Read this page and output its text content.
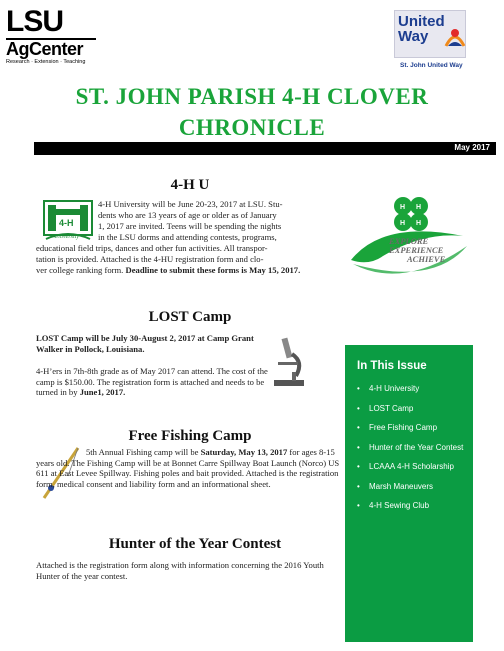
LSU
AgCenter
Research · Extension · Teaching
United
Way
St. John United Way
ST. JOHN PARISH 4-H CLOVER
CHRONICLE
May 2017
4-H U
4-H
University
4-H University will be June 20-23, 2017 at LSU. Stu-
dents who are 13 years of age or older as of January
1, 2017 are invited. Teens will be spending the nights
in the LSU dorms and attending contests, programs,
educational field trips, dances and other fun activities. All transpor-
tation is provided. Attached is the 4-HU registration form and clo-
ver college ranking form. Deadline to submit these forms is May 15, 2017.
H H
H H
EXPLORE
EXPERIENCE
ACHIEVE
LOST Camp
LOST Camp will be July 30-August 2, 2017 at Camp Grant Walker in Pollock, Louisiana.
4-H’ers in 7th-8th grade as of May 2017 can attend. The cost of the camp is $150.00. The registration form is attached and needs to be turned in by June1, 2017.
Free Fishing Camp
5th Annual Fishing camp will be Saturday, May 13, 2017 for ages 8-15 years old. The Fishing Camp will be at Bonnet Carre Spillway Boat Launch (Norco) US 611 at East Levee Spillway. Fishing poles and bait provided. Attached is the registration form, medical consent and liability form and an informational sheet.
Hunter of the Year Contest
Attached is the registration form along with information concerning the 2016 Youth Hunter of the year contest.
In This Issue
• 4-H University
• LOST Camp
• Free Fishing Camp
• Hunter of the Year Contest
• LCAAA 4-H Scholarship
• Marsh Maneuvers
• 4-H Sewing Club
